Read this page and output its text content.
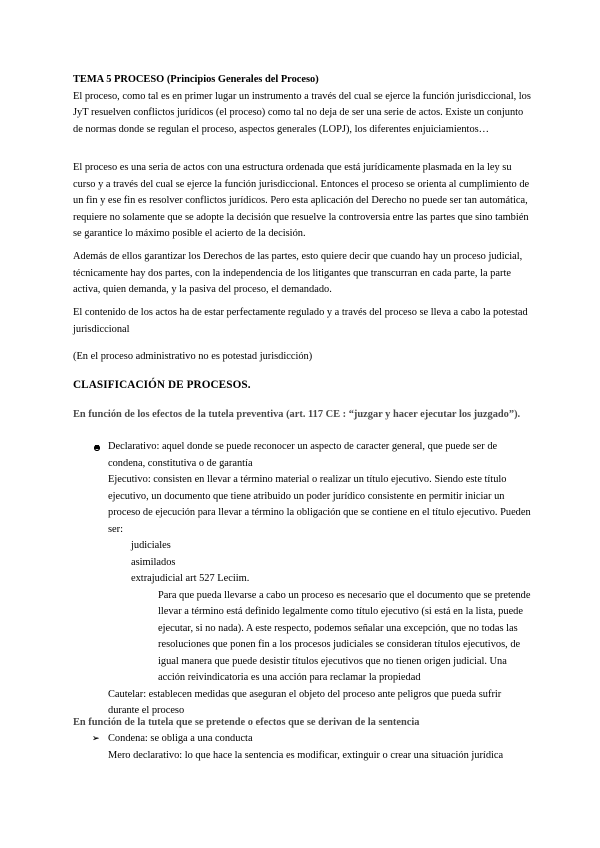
TEMA 5 PROCESO (Principios Generales del Proceso)
El proceso, como tal es en primer lugar un instrumento a través del cual se ejerce la función jurisdiccional, los JyT resuelven conflictos jurídicos (el proceso) como tal no deja de ser una serie de actos. Existe un conjunto de normas donde se regulan el proceso, aspectos generales (LOPJ), los diferentes enjuiciamientos…

El proceso es una seria de actos con una estructura ordenada que está jurídicamente plasmada en la ley su curso y a través del cual se ejerce la función jurisdiccional. Entonces el proceso se orienta al cumplimiento de un fin y ese fin es resolver conflictos jurídicos. Pero esta aplicación del Derecho no puede ser tan automática, requiere no solamente que se adopte la decisión que resuelve la controversia entre las partes que sino también se garantice lo máximo posible el acierto de la decisión.

Además de ellos garantizar los Derechos de las partes, esto quiere decir que cuando hay un proceso judicial, técnicamente hay dos partes, con la independencia de los litigantes que transcurran en cada parte, la parte activa, quien demanda, y la pasiva del proceso, el demandado.

El contenido de los actos ha de estar perfectamente regulado y a través del proceso se lleva a cabo la potestad jurisdiccional

(En el proceso administrativo no es potestad jurisdicción)

CLASIFICACIÓN DE PROCESOS.

En función de los efectos de la tutela preventiva (art. 117 CE : “juzgar y hacer ejecutar los juzgado”).

Declarativo: aquel donde se puede reconocer un aspecto de caracter general, que puede ser de condena, constitutiva o de garantía
Ejecutivo: consisten en llevar a término material o realizar un título ejecutivo. Siendo este título ejecutivo, un documento que tiene atribuido un poder jurídico consistente en permitir iniciar un proceso de ejecución para llevar a término la obligación que se contiene en el título ejecutivo. Pueden ser:
judiciales
asimilados
extrajudicial art 527 Leciim.
Para que pueda llevarse a cabo un proceso es necesario que el documento que se pretende llevar a término está definido legalmente como título ejecutivo (si está en la lista, puede ejecutar, si no nada). A este respecto, podemos señalar una excepción, que no todas las resoluciones que ponen fin a los procesos judiciales se consideran títulos ejecutivos, de igual manera que puede desistir títulos ejecutivos que no tienen origen judicial. Una acción reivindicatoria es una acción para reclamar la propiedad
Cautelar: establecen medidas que aseguran el objeto del proceso ante peligros que pueda sufrir durante el proceso

En función de la tutela que se pretende o efectos que se derivan de la sentencia

➢ Condena: se obliga a una conducta
➢ Mero declarativo: lo que hace la sentencia es modificar, extinguir o crear una situación jurídica
